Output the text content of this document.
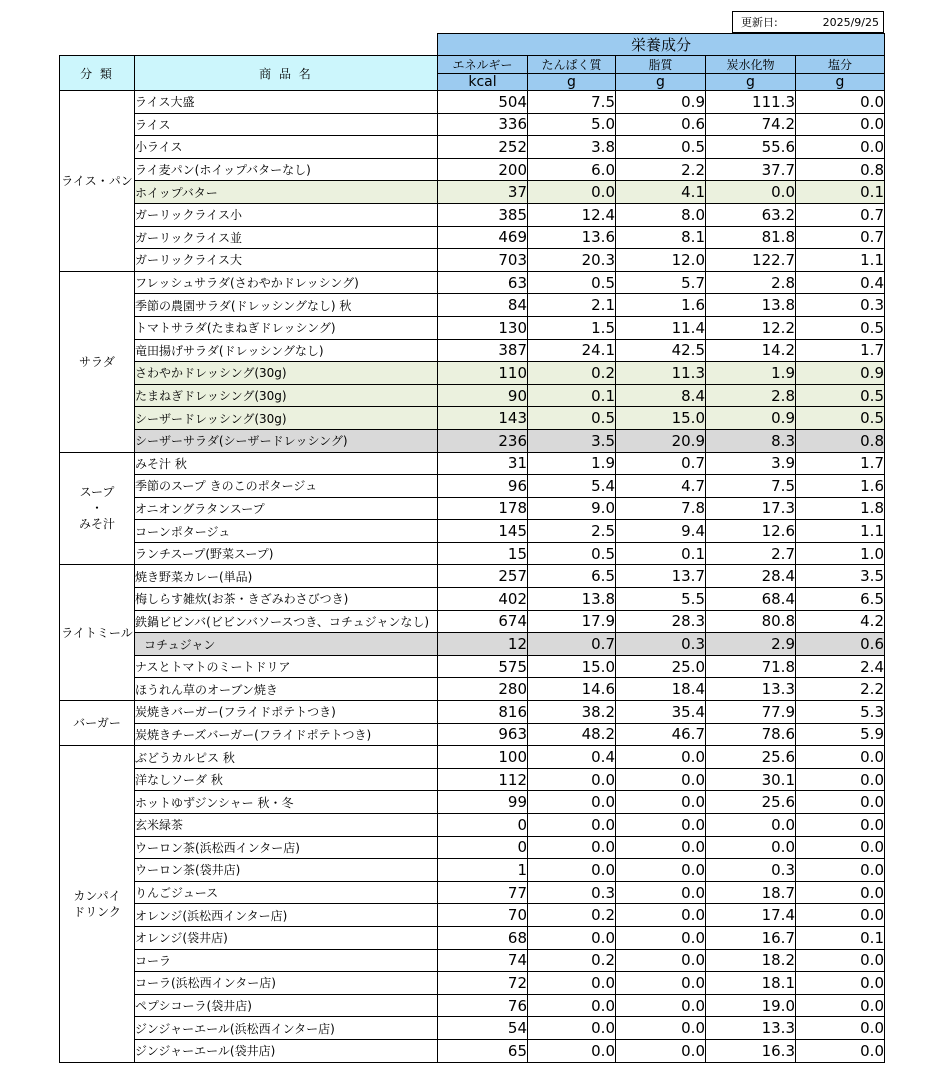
更新日:	2025/9/25
		栄養成分				
分 類	商 品 名	エネルギー	たんぱく質	脂質	炭水化物	塩分
		kcal	g	g	g	g
ライス・パン	ライス大盛	504	7.5	0.9	111.3	0.0
	ライス	336	5.0	0.6	74.2	0.0
	小ライス	252	3.8	0.5	55.6	0.0
	ライ麦パン(ホイップバターなし)	200	6.0	2.2	37.7	0.8
	ホイップバター	37	0.0	4.1	0.0	0.1
	ガーリックライス小	385	12.4	8.0	63.2	0.7
	ガーリックライス並	469	13.6	8.1	81.8	0.7
	ガーリックライス大	703	20.3	12.0	122.7	1.1
サラダ	フレッシュサラダ(さわやかドレッシング)	63	0.5	5.7	2.8	0.4
	季節の農園サラダ(ドレッシングなし) 秋	84	2.1	1.6	13.8	0.3
	トマトサラダ(たまねぎドレッシング)	130	1.5	11.4	12.2	0.5
	竜田揚げサラダ(ドレッシングなし)	387	24.1	42.5	14.2	1.7
	さわやかドレッシング(30g)	110	0.2	11.3	1.9	0.9
	たまねぎドレッシング(30g)	90	0.1	8.4	2.8	0.5
	シーザードレッシング(30g)	143	0.5	15.0	0.9	0.5
	シーザーサラダ(シーザードレッシング)	236	3.5	20.9	8.3	0.8
スープ
・
みそ汁	みそ汁 秋	31	1.9	0.7	3.9	1.7
	季節のスープ きのこのポタージュ	96	5.4	4.7	7.5	1.6
	オニオングラタンスープ	178	9.0	7.8	17.3	1.8
	コーンポタージュ	145	2.5	9.4	12.6	1.1
	ランチスープ(野菜スープ)	15	0.5	0.1	2.7	1.0
ライトミール	焼き野菜カレー(単品)	257	6.5	13.7	28.4	3.5
	梅しらす雑炊(お茶・きざみわさびつき)	402	13.8	5.5	68.4	6.5
	鉄鍋ビビンバ(ビビンバソースつき、コチュジャンなし)	674	17.9	28.3	80.8	4.2
	コチュジャン	12	0.7	0.3	2.9	0.6
	ナスとトマトのミートドリア	575	15.0	25.0	71.8	2.4
	ほうれん草のオーブン焼き	280	14.6	18.4	13.3	2.2
バーガー	炭焼きバーガー(フライドポテトつき)	816	38.2	35.4	77.9	5.3
	炭焼きチーズバーガー(フライドポテトつき)	963	48.2	46.7	78.6	5.9
カンパイ
ドリンク	ぶどうカルピス 秋	100	0.4	0.0	25.6	0.0
	洋なしソーダ 秋	112	0.0	0.0	30.1	0.0
	ホットゆずジンシャー 秋・冬	99	0.0	0.0	25.6	0.0
	玄米緑茶	0	0.0	0.0	0.0	0.0
	ウーロン茶(浜松西インター店)	0	0.0	0.0	0.0	0.0
	ウーロン茶(袋井店)	1	0.0	0.0	0.3	0.0
	りんごジュース	77	0.3	0.0	18.7	0.0
	オレンジ(浜松西インター店)	70	0.2	0.0	17.4	0.0
	オレンジ(袋井店)	68	0.0	0.0	16.7	0.1
	コーラ	74	0.2	0.0	18.2	0.0
	コーラ(浜松西インター店)	72	0.0	0.0	18.1	0.0
	ペプシコーラ(袋井店)	76	0.0	0.0	19.0	0.0
	ジンジャーエール(浜松西インター店)	54	0.0	0.0	13.3	0.0
	ジンジャーエール(袋井店)	65	0.0	0.0	16.3	0.0
